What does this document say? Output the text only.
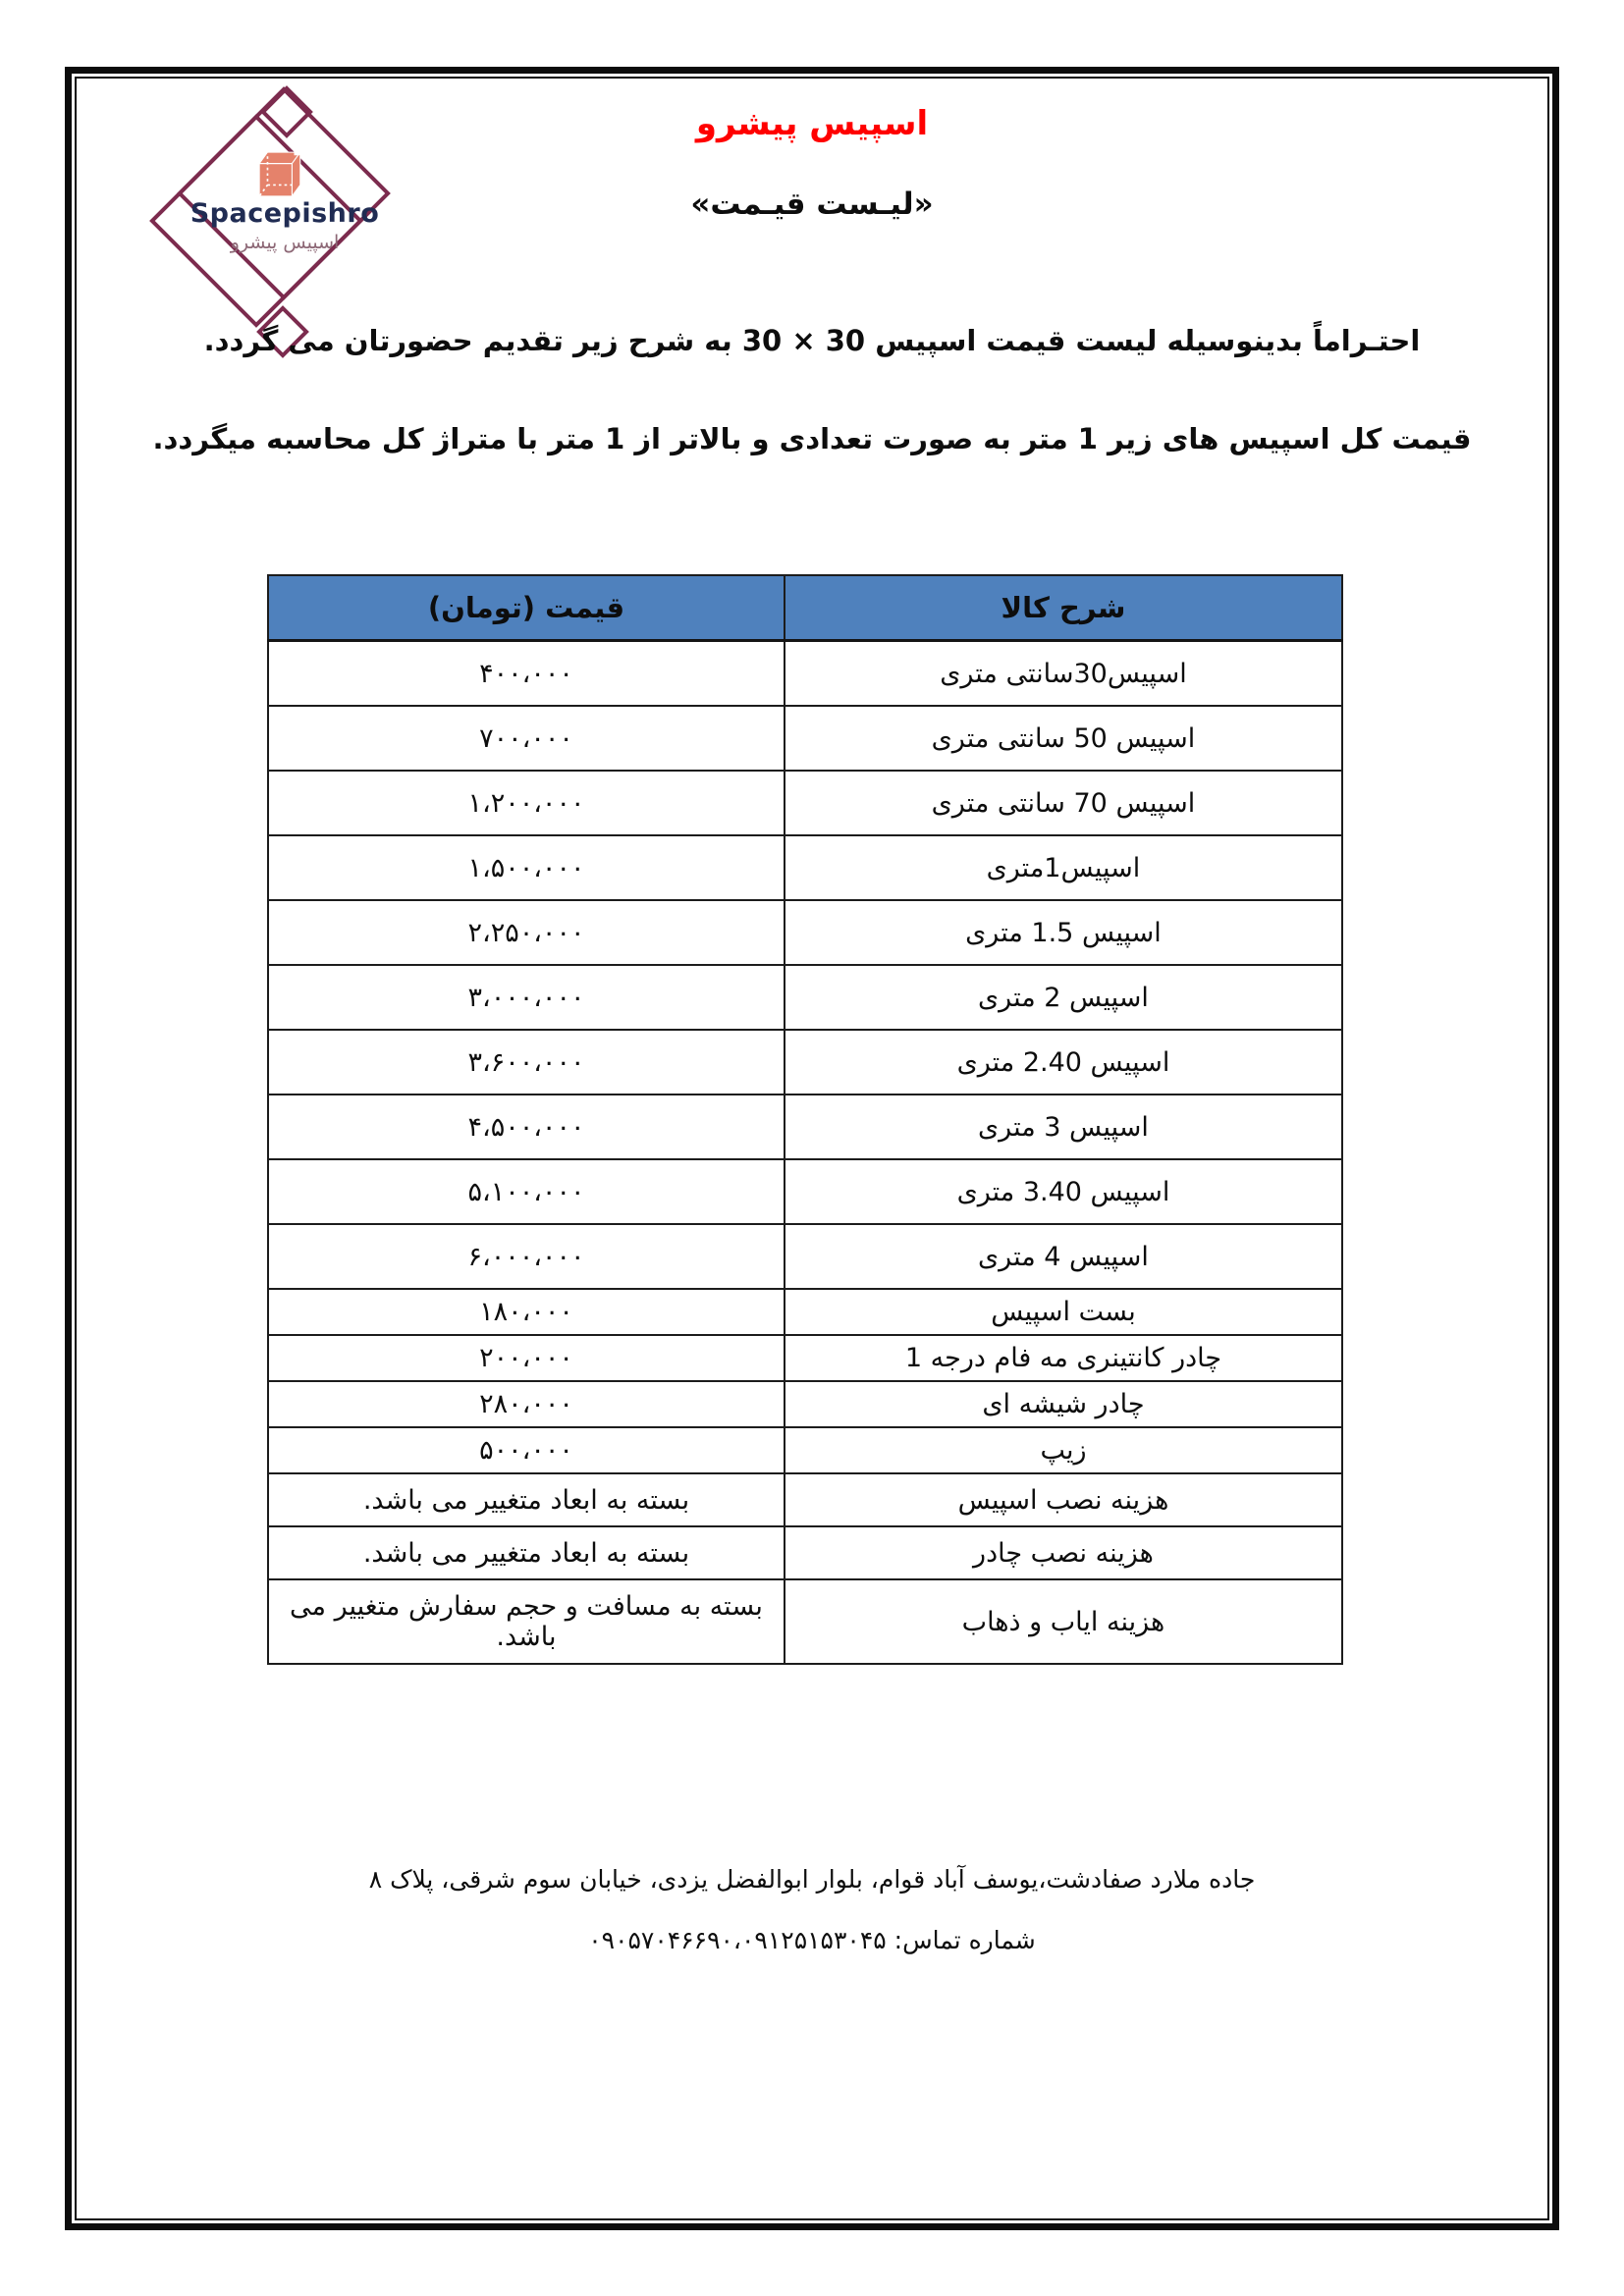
Spacepishro
اسپیس پیشرو
اسپیس پیشرو
«لیـست قیـمت»
احتـراماً بدینوسیله لیست قیمت اسپیس 30 × 30 به شرح زیر تقدیم حضورتان می گردد.
قیمت کل اسپیس های زیر 1 متر به صورت تعدادی و بالاتر از 1 متر با متراژ کل محاسبه میگردد.
شرح کالا	قیمت (تومان)
اسپیس30سانتی متری	۴۰۰،۰۰۰
اسپیس 50 سانتی متری	۷۰۰،۰۰۰
اسپیس 70 سانتی متری	۱،۲۰۰،۰۰۰
اسپیس1متری	۱،۵۰۰،۰۰۰
اسپیس 1.5 متری	۲،۲۵۰،۰۰۰
اسپیس 2 متری	۳،۰۰۰،۰۰۰
اسپیس 2.40 متری	۳،۶۰۰،۰۰۰
اسپیس 3 متری	۴،۵۰۰،۰۰۰
اسپیس 3.40 متری	۵،۱۰۰،۰۰۰
اسپیس 4 متری	۶،۰۰۰،۰۰۰
بست اسپیس	۱۸۰،۰۰۰
چادر کانتینری مه فام درجه 1	۲۰۰،۰۰۰
چادر شیشه ای	۲۸۰،۰۰۰
زیپ	۵۰۰،۰۰۰
هزینه نصب اسپیس	بسته به ابعاد متغییر می باشد.
هزینه نصب چادر	بسته به ابعاد متغییر می باشد.
هزینه ایاب و ذهاب	بسته به مسافت و حجم سفارش متغییر می باشد.
جاده ملارد صفادشت،یوسف آباد قوام، بلوار ابوالفضل یزدی، خیابان سوم شرقی، پلاک ۸
شماره تماس: ۰۹۰۵۷۰۴۶۶۹۰،۰۹۱۲۵۱۵۳۰۴۵
